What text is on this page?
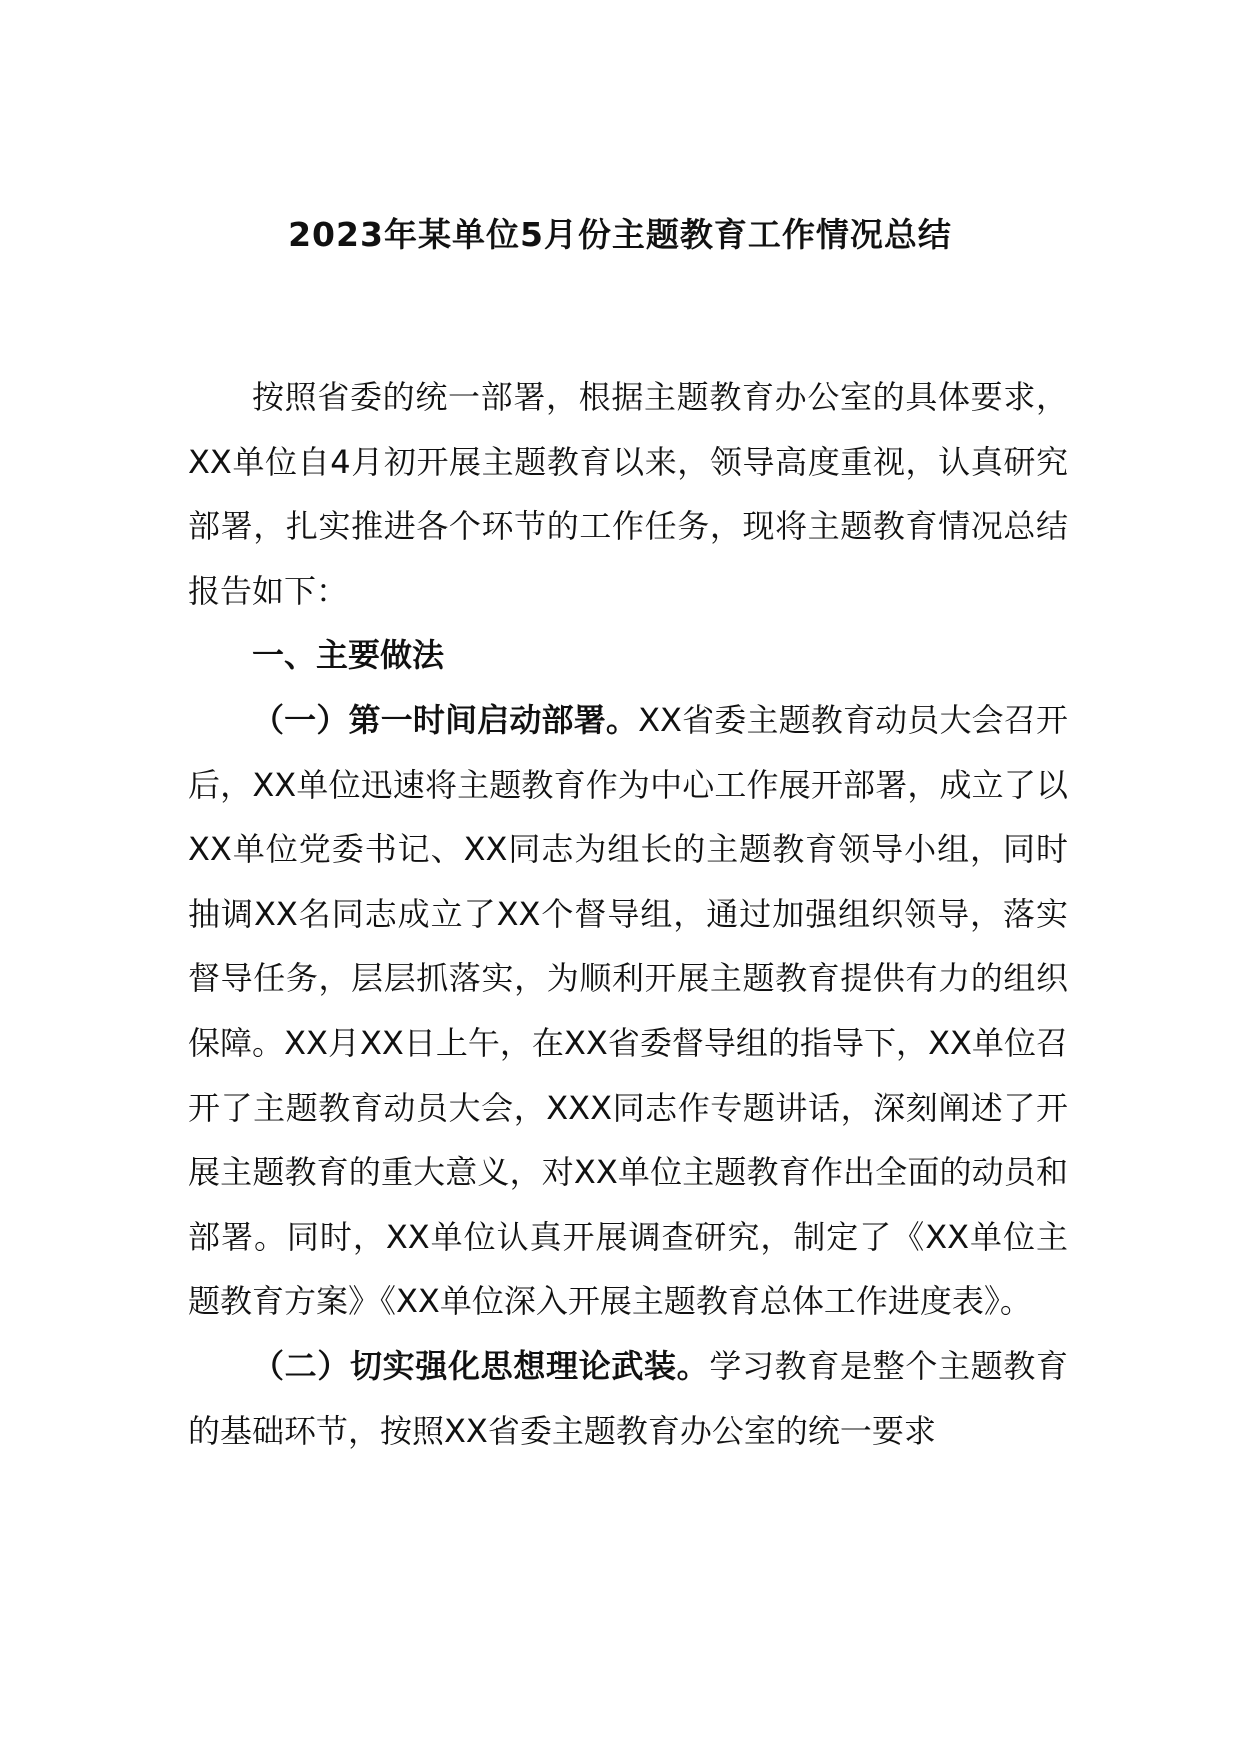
2023年某单位5月份主题教育工作情况总结

按照省委的统一部署，根据主题教育办公室的具体要求，XX单位自4月初开展主题教育以来，领导高度重视，认真研究部署，扎实推进各个环节的工作任务，现将主题教育情况总结报告如下：

一、主要做法

（一）第一时间启动部署。XX省委主题教育动员大会召开后，XX单位迅速将主题教育作为中心工作展开部署，成立了以XX单位党委书记、XX同志为组长的主题教育领导小组，同时抽调XX名同志成立了XX个督导组，通过加强组织领导，落实督导任务，层层抓落实，为顺利开展主题教育提供有力的组织保障。XX月XX日上午，在XX省委督导组的指导下，XX单位召开了主题教育动员大会，XXX同志作专题讲话，深刻阐述了开展主题教育的重大意义，对XX单位主题教育作出全面的动员和部署。同时，XX单位认真开展调查研究，制定了《XX单位主题教育方案》《XX单位深入开展主题教育总体工作进度表》。

（二）切实强化思想理论武装。学习教育是整个主题教育的基础环节，按照XX省委主题教育办公室的统一要求
